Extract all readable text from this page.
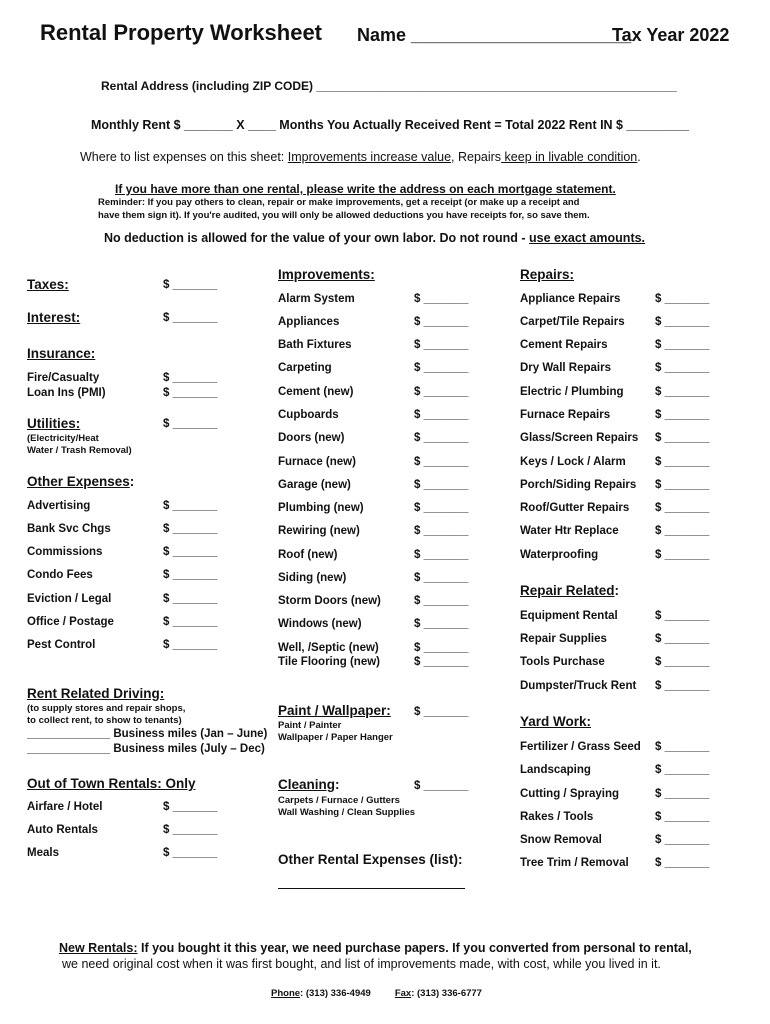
Rental Property Worksheet Name ______________________
Tax Year 2022
Rental Address (including ZIP CODE) ______________________________________________________
Monthly Rent $ _______ X ____ Months You Actually Received Rent = Total 2022 Rent IN $ _________
Where to list expenses on this sheet: Improvements increase value, Repairs keep in livable condition.
If you have more than one rental, please write the address on each mortgage statement.
Reminder: If you pay others to clean, repair or make improvements, get a receipt (or make up a receipt and
have them sign it). If you're audited, you will only be allowed deductions you have receipts for, so save them.
No deduction is allowed for the value of your own labor. Do not round - use exact amounts.
Taxes:	$ _______
Interest:	$ _______
Insurance:
Fire/Casualty	$ _______
Loan Ins (PMI)	$ _______
Utilities:	$ _______
(Electricity/Heat
Water / Trash Removal)
Other Expenses:
Advertising	$ _______
Bank Svc Chgs	$ _______
Commissions	$ _______
Condo Fees	$ _______
Eviction / Legal	$ _______
Office / Postage	$ _______
Pest Control	$ _______
Rent Related Driving:
(to supply stores and repair shops,
to collect rent, to show to tenants)
_____________ Business miles (Jan – June)
_____________ Business miles (July – Dec)
Out of Town Rentals: Only
Airfare / Hotel	$ _______
Auto Rentals	$ _______
Meals	$ _______
Improvements:
Alarm System	$ _______
Appliances	$ _______
Bath Fixtures	$ _______
Carpeting	$ _______
Cement (new)	$ _______
Cupboards	$ _______
Doors (new)	$ _______
Furnace (new)	$ _______
Garage (new)	$ _______
Plumbing (new)	$ _______
Rewiring (new)	$ _______
Roof (new)	$ _______
Siding (new)	$ _______
Storm Doors (new)	$ _______
Windows (new)	$ _______
Well, /Septic (new)	$ _______
Tile Flooring (new)	$ _______
Paint / Wallpaper: $ _______
Paint / Painter
Wallpaper / Paper Hanger
Cleaning:	$ _______
Carpets / Furnace / Gutters
Wall Washing / Clean Supplies
Other Rental Expenses (list):
Repairs:
Appliance Repairs	$ _______
Carpet/Tile Repairs	$ _______
Cement Repairs	$ _______
Dry Wall Repairs	$ _______
Electric / Plumbing	$ _______
Furnace Repairs	$ _______
Glass/Screen Repairs $ _______
Keys / Lock / Alarm	$ _______
Porch/Siding Repairs $ _______
Roof/Gutter Repairs $ _______
Water Htr Replace	$ _______
Waterproofing	$ _______
Repair Related:
Equipment Rental	$ _______
Repair Supplies	$ _______
Tools Purchase	$ _______
Dumpster/Truck Rent $ _______
Yard Work:
Fertilizer / Grass Seed $ _______
Landscaping	$ _______
Cutting / Spraying	$ _______
Rakes / Tools	$ _______
Snow Removal	$ _______
Tree Trim / Removal $ _______
New Rentals: If you bought it this year, we need purchase papers. If you converted from personal to rental,
we need original cost when it was first bought, and list of improvements made, with cost, while you lived in it.
Phone: (313) 336-4949	Fax: (313) 336-6777
